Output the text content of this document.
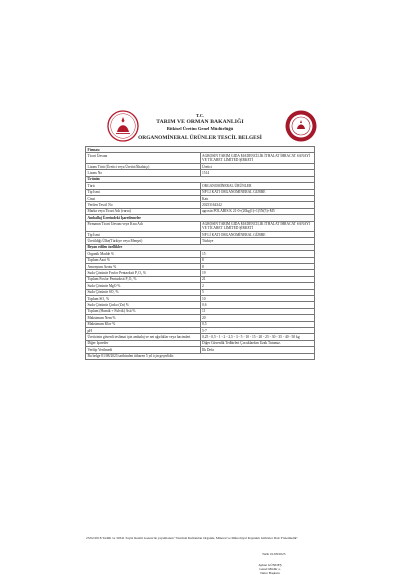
T.C.
TARIM VE ORMAN BAKANLIĞI
Bitkisel Üretim Genel Müdürlüğü
ORGANOMİNERAL ÜRÜNLER TESCİL BELGESİ
Firması	
Ticari Ünvanı	AGROSIN TARIM GIDA MADENCİLİK İTHALAT İHRACAT SANAYİ VE TİCARET LİMİTED ŞİRKETİ
Lisans Türü (Üretici veya Üretici/İthalatçı)	Üretici
Lisans No	1514
Ürünün	
Türü	ORGANOMİNERAL ÜRÜNLER
Tip İsmi	NP LI KATI ORGANOMİNERAL GÜBRE
Cinsi	Katı
Verilen Tescil No	20253164342
Marka veya Ticari Adı (varsa)	agrosin POLARIS K 21-0+(20kg)1(+1)5N(5)+M5
Amballaj Üzerindeki İşaretlemeler	
Firmanın Ticari Ünvanı veya Kısa Adı	AGROSIN TARIM GIDA MADENCİLİK İTHALAT İHRACAT SANAYİ VE TİCARET LİMİTED ŞİRKETİ
Tip İsmi	NP Lİ KATI ORGANOMİNERAL GÜBRE
Üretildiği Ülke(Türkiye veya Menşei)	Türkiye
Beyan edilen özellikler	
Organik Madde %	15
Toplam Azot %	8
Amonyum Azotu %	8
Suda Çözünür Fosfor Pentaoksit P₂O₅ %	19
Toplam Fosfor Pentaoksit P₂O₅ %	21
Suda Çözünür MgO %	2
Suda Çözünür SO₃ %	5
Toplam SO₃ %	10
Suda Çözünür Çinko (Zn) %	0,6
Toplam (Humik + Fulvik) Asit %	11
Maksimum Nem %	20
Maksimum Klor %	0,5
pH	5-7
Üreticinin güvenli teslimat için ambalaj ve net ağırlıklar veya hacimleri	0,25 - 0,5 - 1 - 2 - 2,5 - 3 - 5 - 10 - 15 - 20 - 25 - 30 - 35 - 40 - 50 kg
Diğer İşaretler	Diğer Güvenlik Tedbirleri Çocuklardan Uzak Tutunuz.
Verilip Verilmedi	İlk Defa
Bu belge 01/08/2025 tarihinden itibaren 5 yıl için geçerlidir.	
23/02/2018 Tarihli ve 30341 Sayılı Resmi Gazete'de yayımlanan "Tarımda Kullanılan Organik, Mineral ve Mikrobiyal Kaynaklı Gübreler Dair Yönetmelik"
Tarih 01/08/2025
Ayhan GÜNDEŞ
Genel Müdür a.
Daire Başkanı
